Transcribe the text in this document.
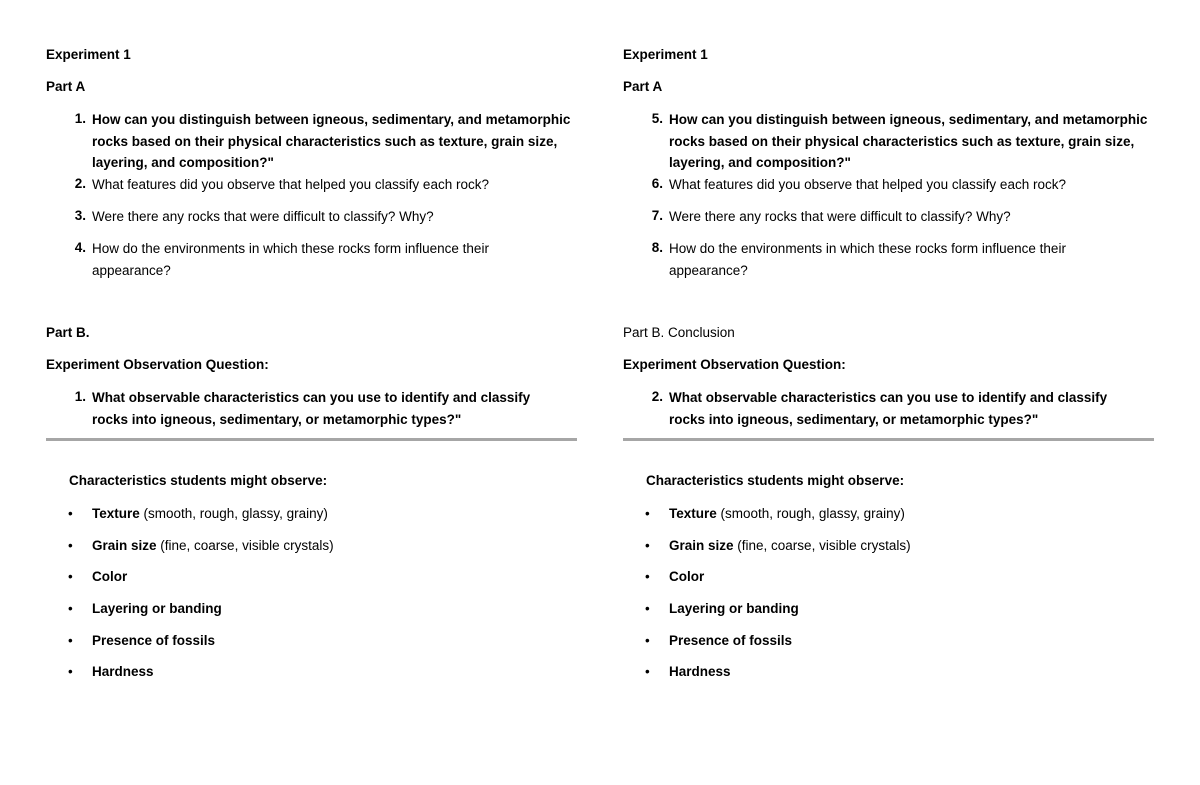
Experiment 1
Part A
1. How can you distinguish between igneous, sedimentary, and metamorphic rocks based on their physical characteristics such as texture, grain size, layering, and composition?"
2. What features did you observe that helped you classify each rock?
3. Were there any rocks that were difficult to classify? Why?
4. How do the environments in which these rocks form influence their appearance?
Part B.
Experiment Observation Question:
1. What observable characteristics can you use to identify and classify rocks into igneous, sedimentary, or metamorphic types?"
Characteristics students might observe:
• Texture (smooth, rough, glassy, grainy)
• Grain size (fine, coarse, visible crystals)
• Color
• Layering or banding
• Presence of fossils
• Hardness
Experiment 1
Part A
5. How can you distinguish between igneous, sedimentary, and metamorphic rocks based on their physical characteristics such as texture, grain size, layering, and composition?"
6. What features did you observe that helped you classify each rock?
7. Were there any rocks that were difficult to classify? Why?
8. How do the environments in which these rocks form influence their appearance?
Part B. Conclusion
Experiment Observation Question:
2. What observable characteristics can you use to identify and classify rocks into igneous, sedimentary, or metamorphic types?"
Characteristics students might observe:
• Texture (smooth, rough, glassy, grainy)
• Grain size (fine, coarse, visible crystals)
• Color
• Layering or banding
• Presence of fossils
• Hardness
